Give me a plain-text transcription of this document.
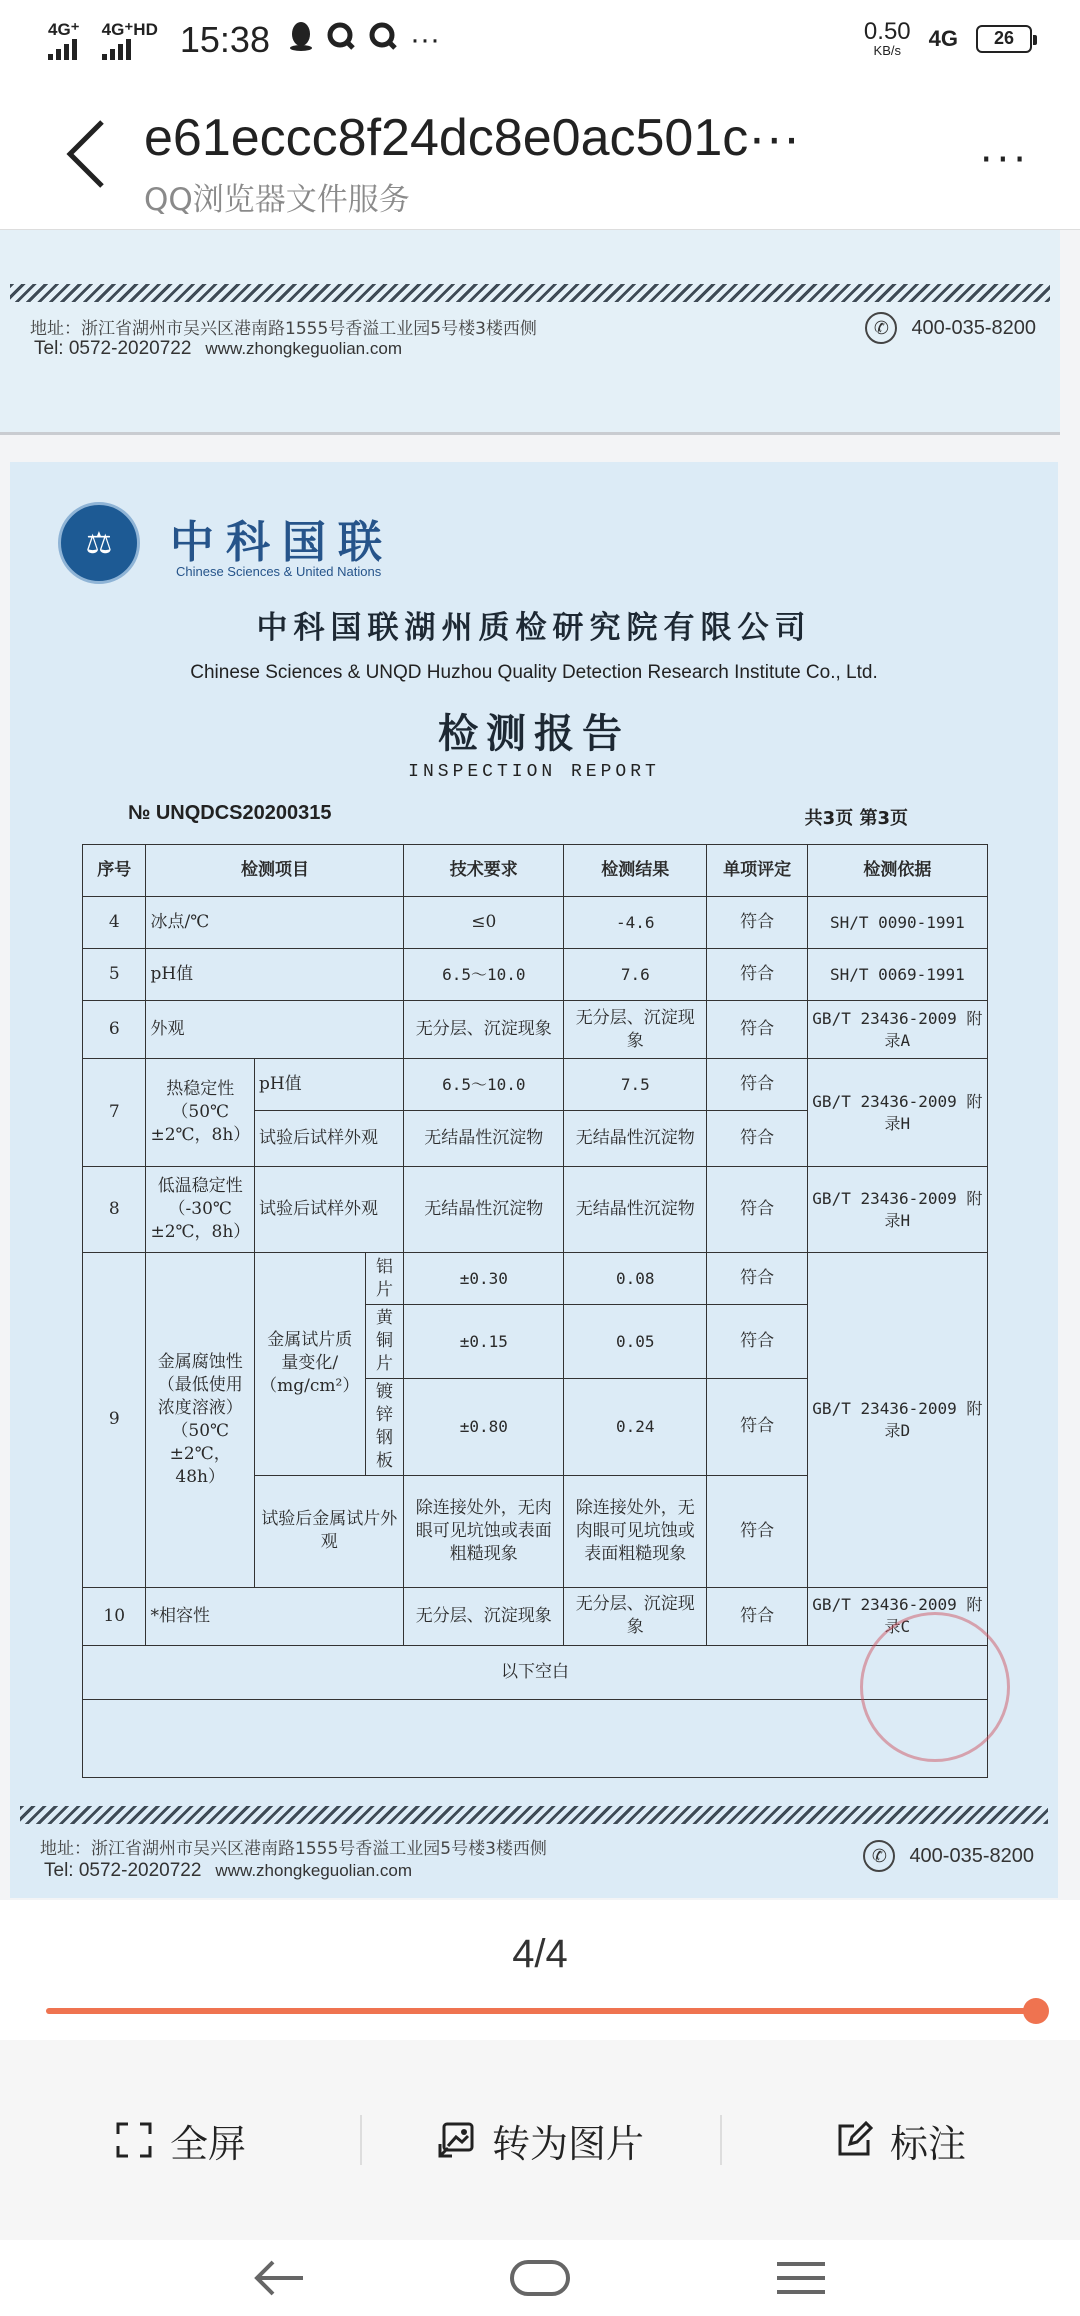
4G⁺ 4G⁺HD 15:38	···	0.50
KB/s 4G 26
e61eccc8f24dc8e0ac501c···
QQ浏览器文件服务
···
地址：浙江省湖州市吴兴区港南路1555号香溢工业园5号楼3楼西侧
Tel: 0572-2020722 www.zhongkeguolian.com
✆	400-035-8200
⚖	中科国联
Chinese Sciences & United Nations
中科国联湖州质检研究院有限公司
Chinese Sciences & UNQD Huzhou Quality Detection Research Institute Co., Ltd.
检测报告
INSPECTION REPORT
№ UNQDCS20200315	共3页 第3页
序号	检测项目			技术要求	检测结果	单项评定	检测依据
4	冰点/℃			≤0	-4.6	符合	SH/T 0090-1991
5	pH值			6.5～10.0	7.6	符合	SH/T 0069-1991
6	外观			无分层、沉淀现象	无分层、沉淀现象	符合	GB/T 23436-2009 附录A
7	热稳定性（50℃±2℃，8h）	pH值		6.5～10.0	7.5	符合	GB/T 23436-2009 附录H
		试验后试样外观		无结晶性沉淀物	无结晶性沉淀物	符合	
8	低温稳定性（-30℃±2℃，8h）	试验后试样外观		无结晶性沉淀物	无结晶性沉淀物	符合	GB/T 23436-2009 附录H
9	金属腐蚀性（最低使用浓度溶液）（50℃±2℃，48h）	金属试片质量变化/（mg/cm²）	铝片	±0.30	0.08	符合	GB/T 23436-2009 附录D
			黄铜片	±0.15	0.05	符合	
			镀锌钢板	±0.80	0.24	符合	
		试验后金属试片外观		除连接处外，无肉眼可见坑蚀或表面粗糙现象	除连接处外，无肉眼可见坑蚀或表面粗糙现象	符合	
10	*相容性			无分层、沉淀现象	无分层、沉淀现象	符合	GB/T 23436-2009 附录C
以下空白							

地址：浙江省湖州市吴兴区港南路1555号香溢工业园5号楼3楼西侧
Tel: 0572-2020722 www.zhongkeguolian.com
✆	400-035-8200
4/4
全屏	转为图片	标注
